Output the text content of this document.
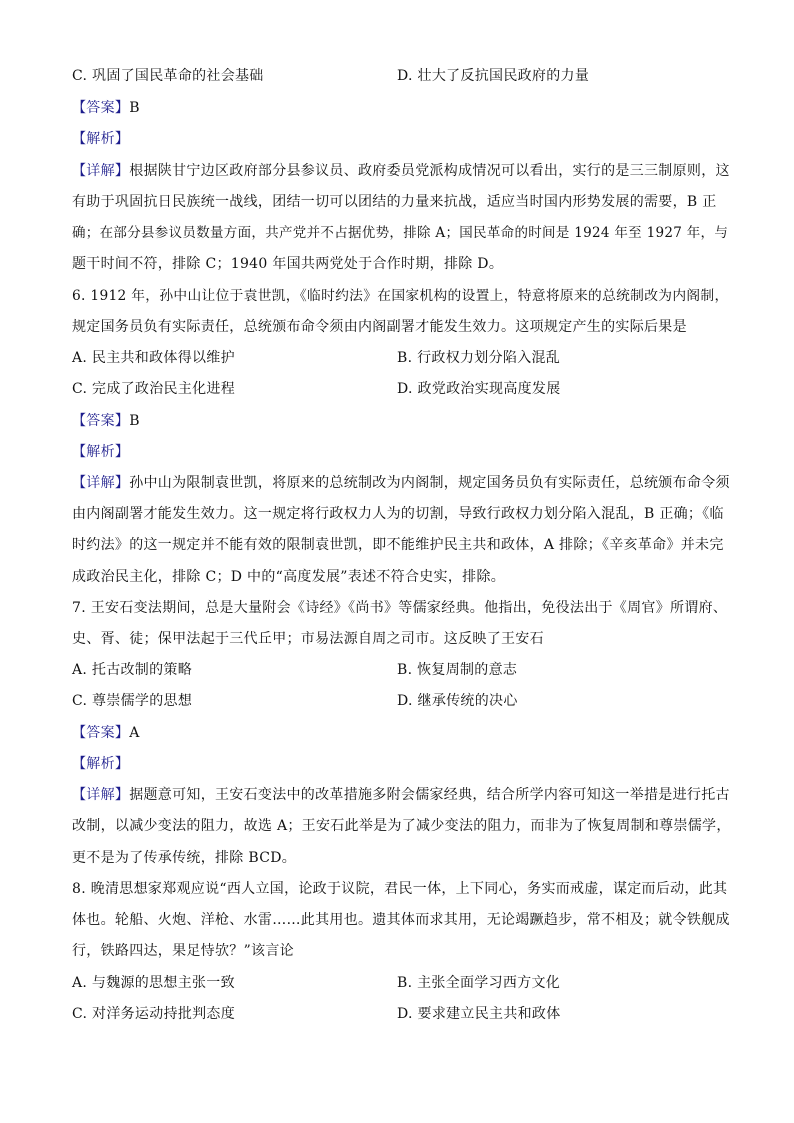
C. 巩固了国民革命的社会基础	D. 壮大了反抗国民政府的力量
【答案】B
【解析】
【详解】根据陕甘宁边区政府部分县参议员、政府委员党派构成情况可以看出，实行的是三三制原则，这
有助于巩固抗日民族统一战线，团结一切可以团结的力量来抗战，适应当时国内形势发展的需要，B 正
确；在部分县参议员数量方面，共产党并不占据优势，排除 A；国民革命的时间是 1924 年至 1927 年，与
题干时间不符，排除 C；1940 年国共两党处于合作时期，排除 D。
6. 1912 年，孙中山让位于袁世凯，《临时约法》在国家机构的设置上，特意将原来的总统制改为内阁制，
规定国务员负有实际责任，总统颁布命令须由内阁副署才能发生效力。这项规定产生的实际后果是
A. 民主共和政体得以维护	B. 行政权力划分陷入混乱
C. 完成了政治民主化进程	D. 政党政治实现高度发展
【答案】B
【解析】
【详解】孙中山为限制袁世凯，将原来的总统制改为内阁制，规定国务员负有实际责任，总统颁布命令须
由内阁副署才能发生效力。这一规定将行政权力人为的切割，导致行政权力划分陷入混乱，B 正确；《临
时约法》的这一规定并不能有效的限制袁世凯，即不能维护民主共和政体，A 排除；《辛亥革命》并未完
成政治民主化，排除 C；D 中的“高度发展”表述不符合史实，排除。
7. 王安石变法期间，总是大量附会《诗经》《尚书》等儒家经典。他指出，免役法出于《周官》所谓府、
史、胥、徒；保甲法起于三代丘甲；市易法源自周之司市。这反映了王安石
A. 托古改制的策略	B. 恢复周制的意志
C. 尊崇儒学的思想	D. 继承传统的决心
【答案】A
【解析】
【详解】据题意可知，王安石变法中的改革措施多附会儒家经典，结合所学内容可知这一举措是进行托古
改制，以减少变法的阻力，故选 A；王安石此举是为了减少变法的阻力，而非为了恢复周制和尊崇儒学，
更不是为了传承传统，排除 BCD。
8. 晚清思想家郑观应说“西人立国，论政于议院，君民一体，上下同心，务实而戒虚，谋定而后动，此其
体也。轮船、火炮、洋枪、水雷……此其用也。遗其体而求其用，无论竭蹶趋步，常不相及；就令铁舰成
行，铁路四达，果足恃欤？”该言论
A. 与魏源的思想主张一致	B. 主张全面学习西方文化
C. 对洋务运动持批判态度	D. 要求建立民主共和政体
